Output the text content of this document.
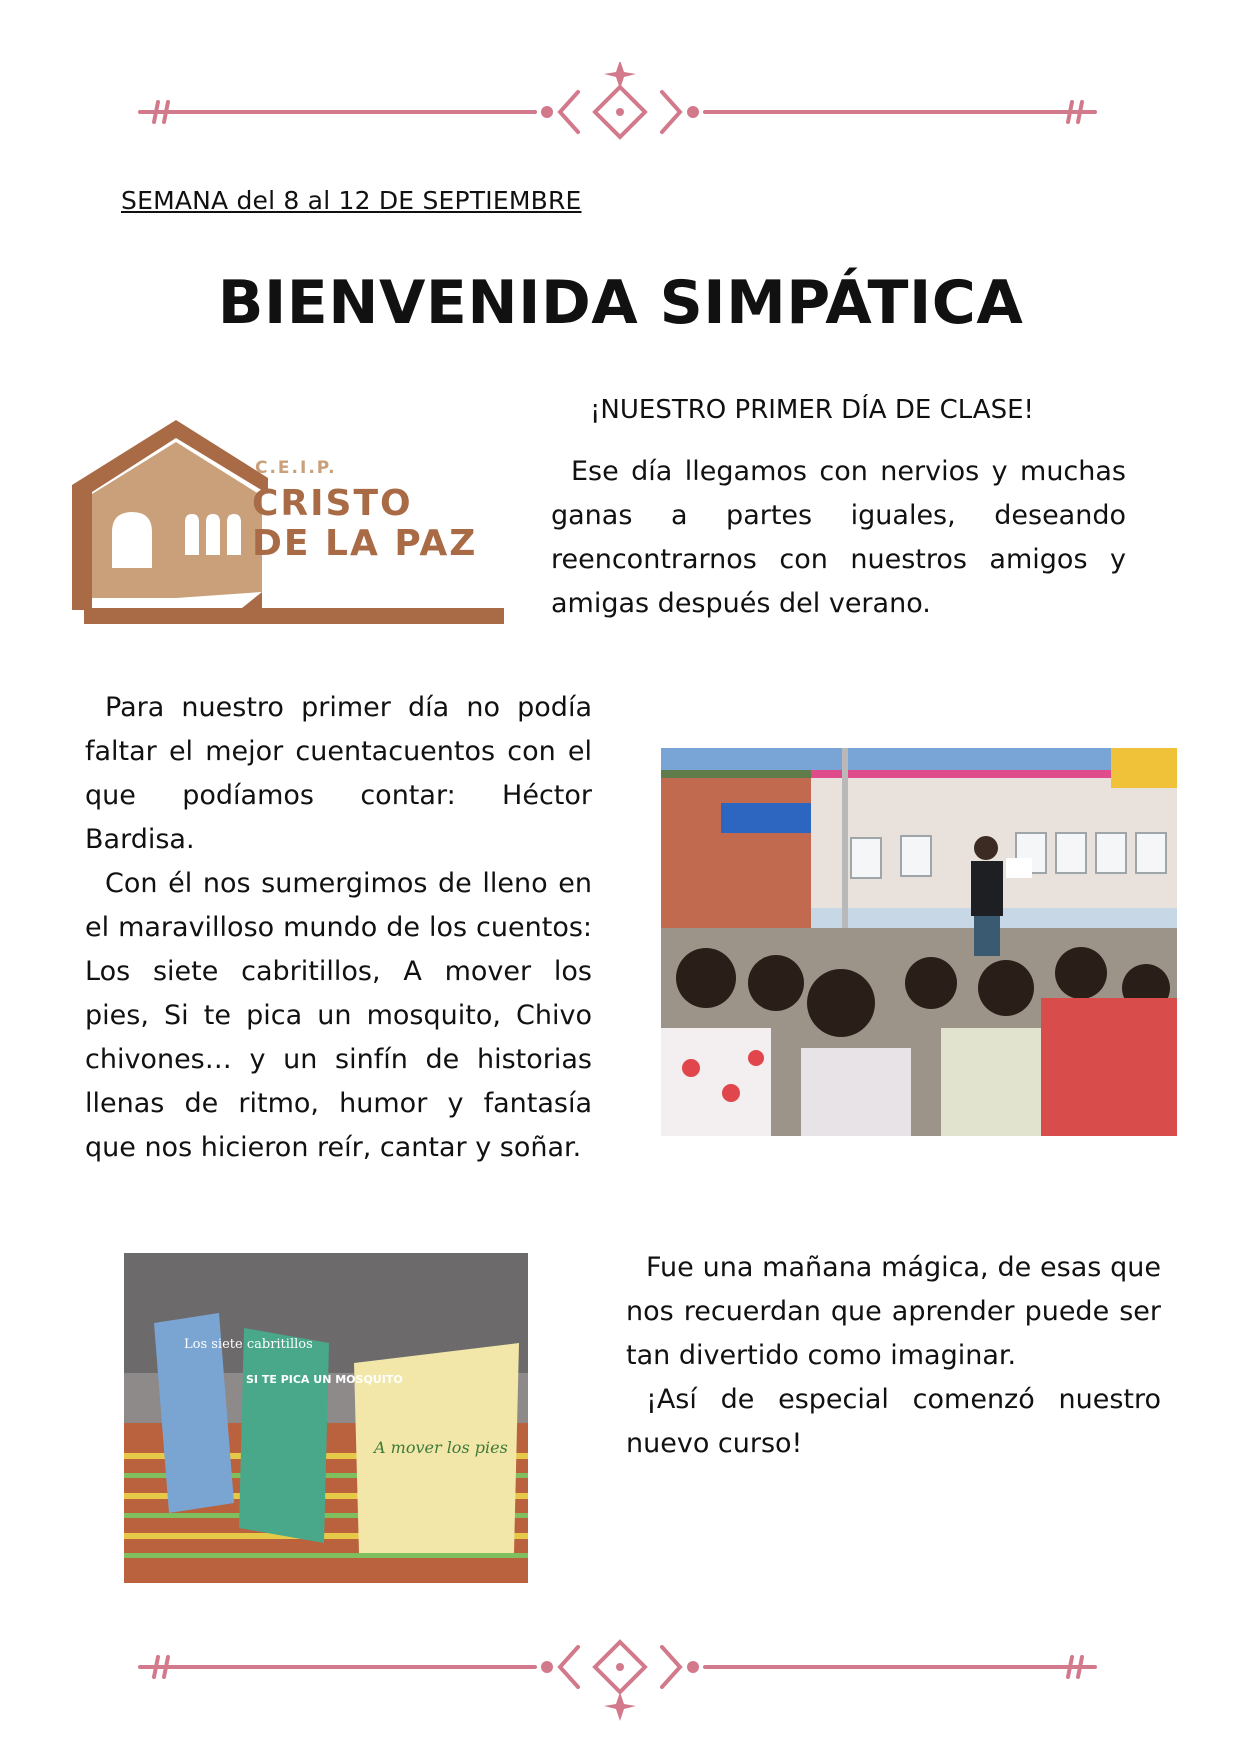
SEMANA del 8 al 12 DE SEPTIEMBRE
BIENVENIDA SIMPÁTICA
C.E.I.P.
CRISTO
DE LA PAZ
¡NUESTRO PRIMER DÍA DE CLASE!

Ese día llegamos con nervios y muchas ganas a partes iguales, deseando reencontrarnos con nuestros amigos y amigas después del verano.

Para nuestro primer día no podía faltar el mejor cuentacuentos con el que podíamos contar: Héctor Bardisa.

Con él nos sumergimos de lleno en el maravilloso mundo de los cuentos: Los siete cabritillos, A mover los pies, Si te pica un mosquito, Chivo chivones… y un sinfín de historias llenas de ritmo, humor y fantasía que nos hicieron reír, cantar y soñar.

Los siete cabritillos
SI TE PICA UN MOSQUITO
A mover los pies

Fue una mañana mágica, de esas que nos recuerdan que aprender puede ser tan divertido como imaginar.

¡Así de especial comenzó nuestro nuevo curso!
